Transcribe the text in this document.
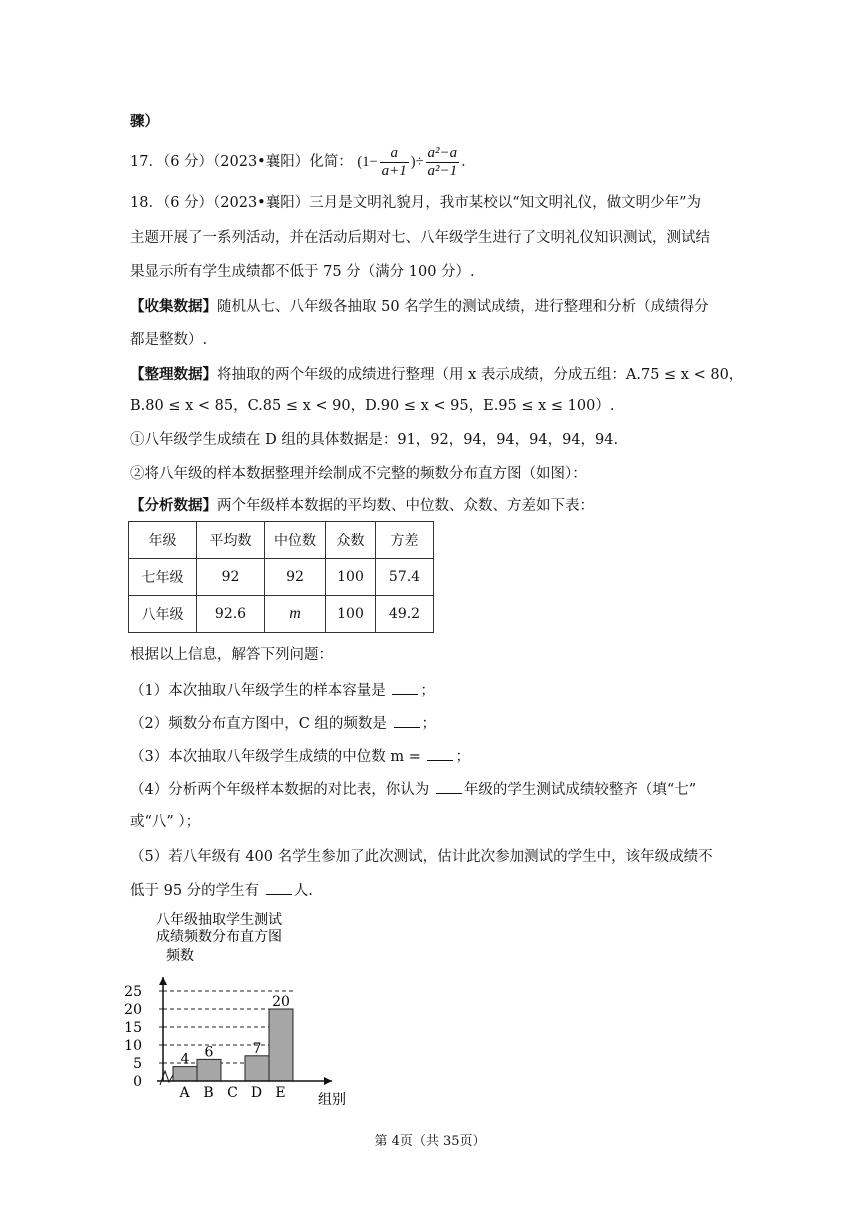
骤）
17．（6 分）（2023•襄阳）化简： ($1- \frac{a}{a+1}$ )÷ $\frac{\text{a²−a}}{\text{a²−1}}$ ．
18．（6 分）（2023•襄阳）三月是文明礼貌月，我市某校以“知文明礼仪，做文明少年”为
主题开展了一系列活动，并在活动后期对七、八年级学生进行了文明礼仪知识测试，测试结
果显示所有学生成绩都不低于 75 分（满分 100 分）.
【收集数据】随机从七、八年级各抽取 50 名学生的测试成绩，进行整理和分析（成绩得分
都是整数）.
【整理数据】将抽取的两个年级的成绩进行整理（用 x 表示成绩，分成五组：A.75 ≤ x < 80，
B.80 ≤ x < 85，C.85 ≤ x < 90，D.90 ≤ x < 95，E.95 ≤ x ≤ 100）.
①八年级学生成绩在 D 组的具体数据是：91，92，94，94，94，94，94.
②将八年级的样本数据整理并绘制成不完整的频数分布直方图（如图）：
【分析数据】两个年级样本数据的平均数、中位数、众数、方差如下表：
年级	平均数	中位数	众数	方差
七年级	92	92	100	57.4
八年级	92.6	m	100	49.2
根据以上信息，解答下列问题：
（1）本次抽取八年级学生的样本容量是 ；
（2）频数分布直方图中，C 组的频数是 ；
（3）本次抽取八年级学生成绩的中位数 m = ；
（4）分析两个年级样本数据的对比表，你认为 年级的学生测试成绩较整齐（填“七”
或“八” ）；
（5）若八年级有 400 名学生参加了此次测试，估计此次参加测试的学生中，该年级成绩不
低于 95 分的学生有 人.
八年级抽取学生测试
成绩频数分布直方图
频数
组别
4 6	7
20
0
5
10
15
20
25
A B C D E
第 4页（共 35页）
